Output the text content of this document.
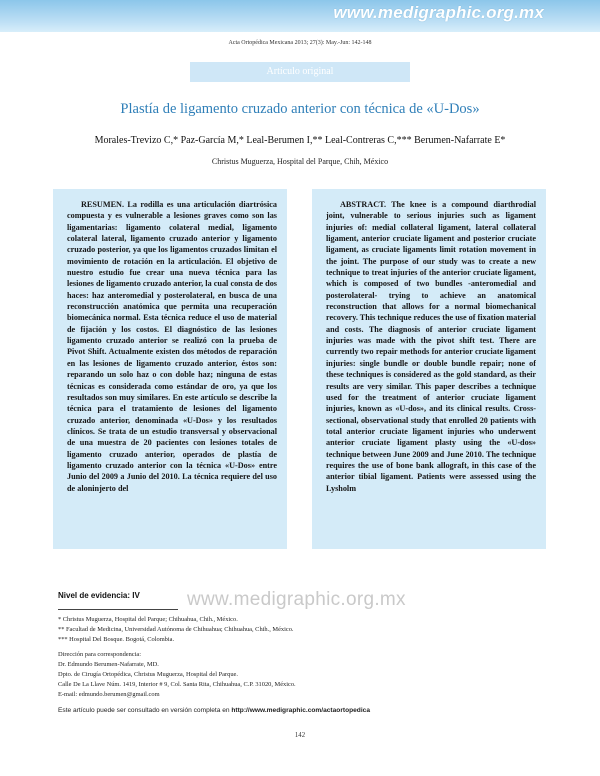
www.medigraphic.org.mx
Acta Ortopédica Mexicana 2013; 27(3): May.-Jun: 142-148
Artículo original
Plastía de ligamento cruzado anterior con técnica de «U-Dos»
Morales-Trevizo C,* Paz-García M,* Leal-Berumen I,** Leal-Contreras C,*** Berumen-Nafarrate E*
Christus Muguerza, Hospital del Parque, Chih, México
RESUMEN. La rodilla es una articulación diartrósica compuesta y es vulnerable a lesiones graves como son las ligamentarias: ligamento colateral medial, ligamento colateral lateral, ligamento cruzado anterior y ligamento cruzado posterior, ya que los ligamentos cruzados limitan el movimiento de rotación en la articulación. El objetivo de nuestro estudio fue crear una nueva técnica para las lesiones de ligamento cruzado anterior, la cual consta de dos haces: haz anteromedial y posterolateral, en busca de una reconstrucción anatómica que permita una recuperación biomecánica normal. Esta técnica reduce el uso de material de fijación y los costos. El diagnóstico de las lesiones ligamento cruzado anterior se realizó con la prueba de Pivot Shift. Actualmente existen dos métodos de reparación en las lesiones de ligamento cruzado anterior, éstos son: reparando un solo haz o con doble haz; ninguna de estas técnicas es considerada como estándar de oro, ya que los resultados son muy similares. En este artículo se describe la técnica para el tratamiento de lesiones del ligamento cruzado anterior, denominada «U-Dos» y los resultados clínicos. Se trata de un estudio transversal y observacional de una muestra de 20 pacientes con lesiones totales de ligamento cruzado anterior, operados de plastía de ligamento cruzado anterior con la técnica «U-Dos» entre Junio del 2009 a Junio del 2010. La técnica requiere del uso de aloninjerto del
ABSTRACT. The knee is a compound diarthrodial joint, vulnerable to serious injuries such as ligament injuries of: medial collateral ligament, lateral collateral ligament, anterior cruciate ligament and posterior cruciate ligament, as cruciate ligaments limit rotation movement in the joint. The purpose of our study was to create a new technique to treat injuries of the anterior cruciate ligament, which is composed of two bundles -anteromedial and posterolateral- trying to achieve an anatomical reconstruction that allows for a normal biomechanical recovery. This technique reduces the use of fixation material and costs. The diagnosis of anterior cruciate ligament injuries was made with the pivot shift test. There are currently two repair methods for anterior cruciate ligament injuries: single bundle or double bundle repair; none of these techniques is considered as the gold standard, as their results are very similar. This paper describes a technique used for the treatment of anterior cruciate ligament injuries, known as «U-dos», and its clinical results. Cross-sectional, observational study that enrolled 20 patients with total anterior cruciate ligament injuries who underwent anterior cruciate ligament plasty using the «U-dos» technique between June 2009 and June 2010. The technique requires the use of bone bank allograft, in this case of the anterior tibial ligament. Patients were assessed using the Lysholm
Nivel de evidencia: IV www.medigraphic.org.mx
* Christus Muguerza, Hospital del Parque; Chihuahua, Chih., México.
** Facultad de Medicina, Universidad Autónoma de Chihuahua; Chihuahua, Chih., México.
*** Hospital Del Bosque. Bogotá, Colombia.
Dirección para correspondencia:
Dr. Edmundo Berumen-Nafarrate, MD.
Dpto. de Cirugía Ortopédica, Christus Muguerza, Hospital del Parque.
Calle De La Llave Núm. 1419, Interior # 9, Col. Santa Rita, Chihuahua, C.P. 31020, México.
E-mail: edmundo.berumen@gmail.com
Este artículo puede ser consultado en versión completa en http://www.medigraphic.com/actaortopedica
142
